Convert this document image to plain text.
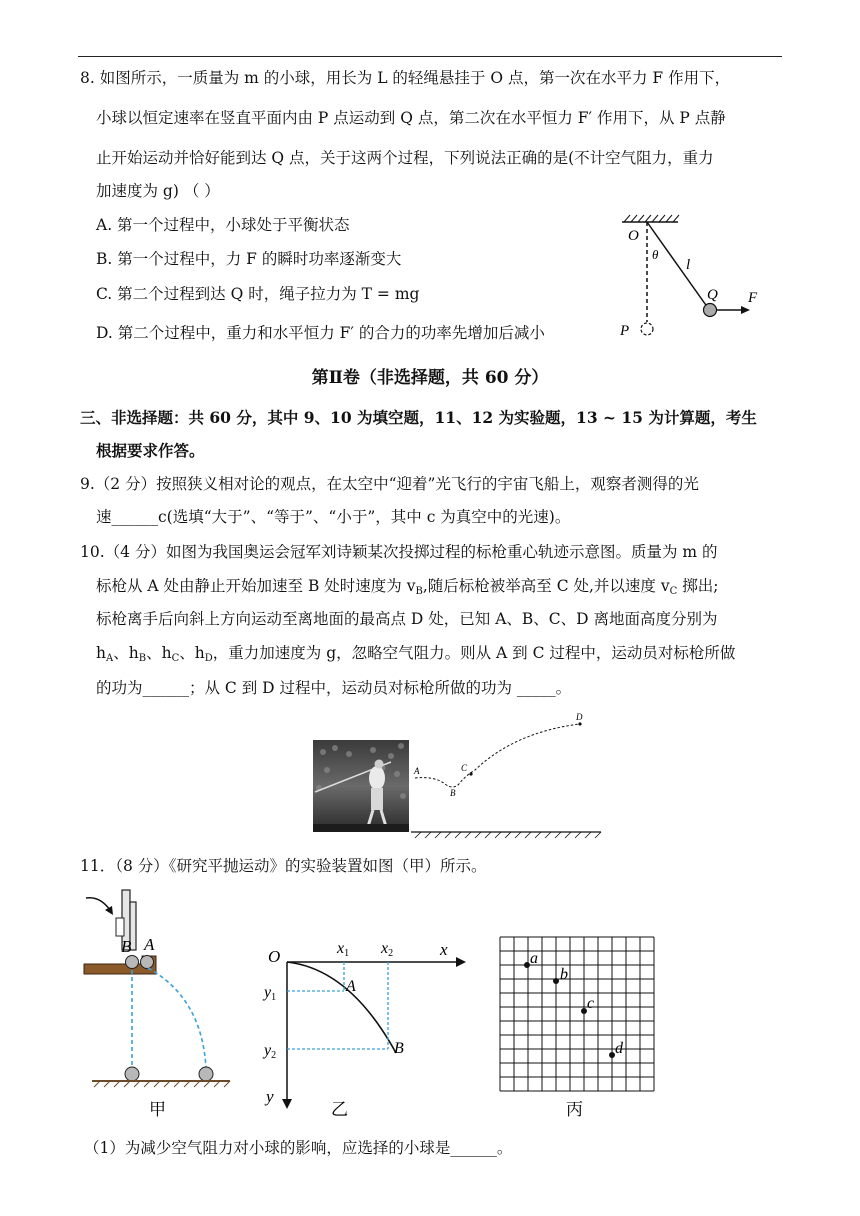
8. 如图所示，一质量为 m 的小球，用长为 L 的轻绳悬挂于 O 点，第一次在水平力 F 作用下，
小球以恒定速率在竖直平面内由 P 点运动到 Q 点，第二次在水平恒力 F′ 作用下，从 P 点静
止开始运动并恰好能到达 Q 点，关于这两个过程，下列说法正确的是(不计空气阻力，重力
加速度为 g) （ ）
A. 第一个过程中，小球处于平衡状态
B. 第一个过程中，力 F 的瞬时功率逐渐变大
C. 第二个过程到达 Q 时，绳子拉力为 T = mg
D. 第二个过程中，重力和水平恒力 F′ 的合力的功率先增加后减小
O
θ
l
Q F
P
第Ⅱ卷（非选择题，共 60 分）
三、非选择题：共 60 分，其中 9、10 为填空题，11、12 为实验题，13 ~ 15 为计算题，考生
根据要求作答。
9.（2 分）按照狭义相对论的观点，在太空中“迎着”光飞行的宇宙飞船上，观察者测得的光
速______c(选填“大于”、“等于”、“小于”，其中 c 为真空中的光速)。
10.（4 分）如图为我国奥运会冠军刘诗颖某次投掷过程的标枪重心轨迹示意图。质量为 m 的
标枪从 A 处由静止开始加速至 B 处时速度为 $v_B$,随后标枪被举高至 C 处,并以速度 $v_C$ 掷出;
标枪离手后向斜上方向运动至离地面的最高点 D 处，已知 A、B、C、D 离地面高度分别为
$h_A$、$h_B$、$h_C$、$h_D$，重力加速度为 g，忽略空气阻力。则从 A 到 C 过程中，运动员对标枪所做
的功为______；从 C 到 D 过程中，运动员对标枪所做的功为 _____。
A
B
C
D
11．（8 分）《研究平抛运动》的实验装置如图（甲）所示。
B A
甲
O	x1 x2	x
y1
A
y2	B
y
乙
a
b
c
d
丙
（1）为减少空气阻力对小球的影响，应选择的小球是______。
